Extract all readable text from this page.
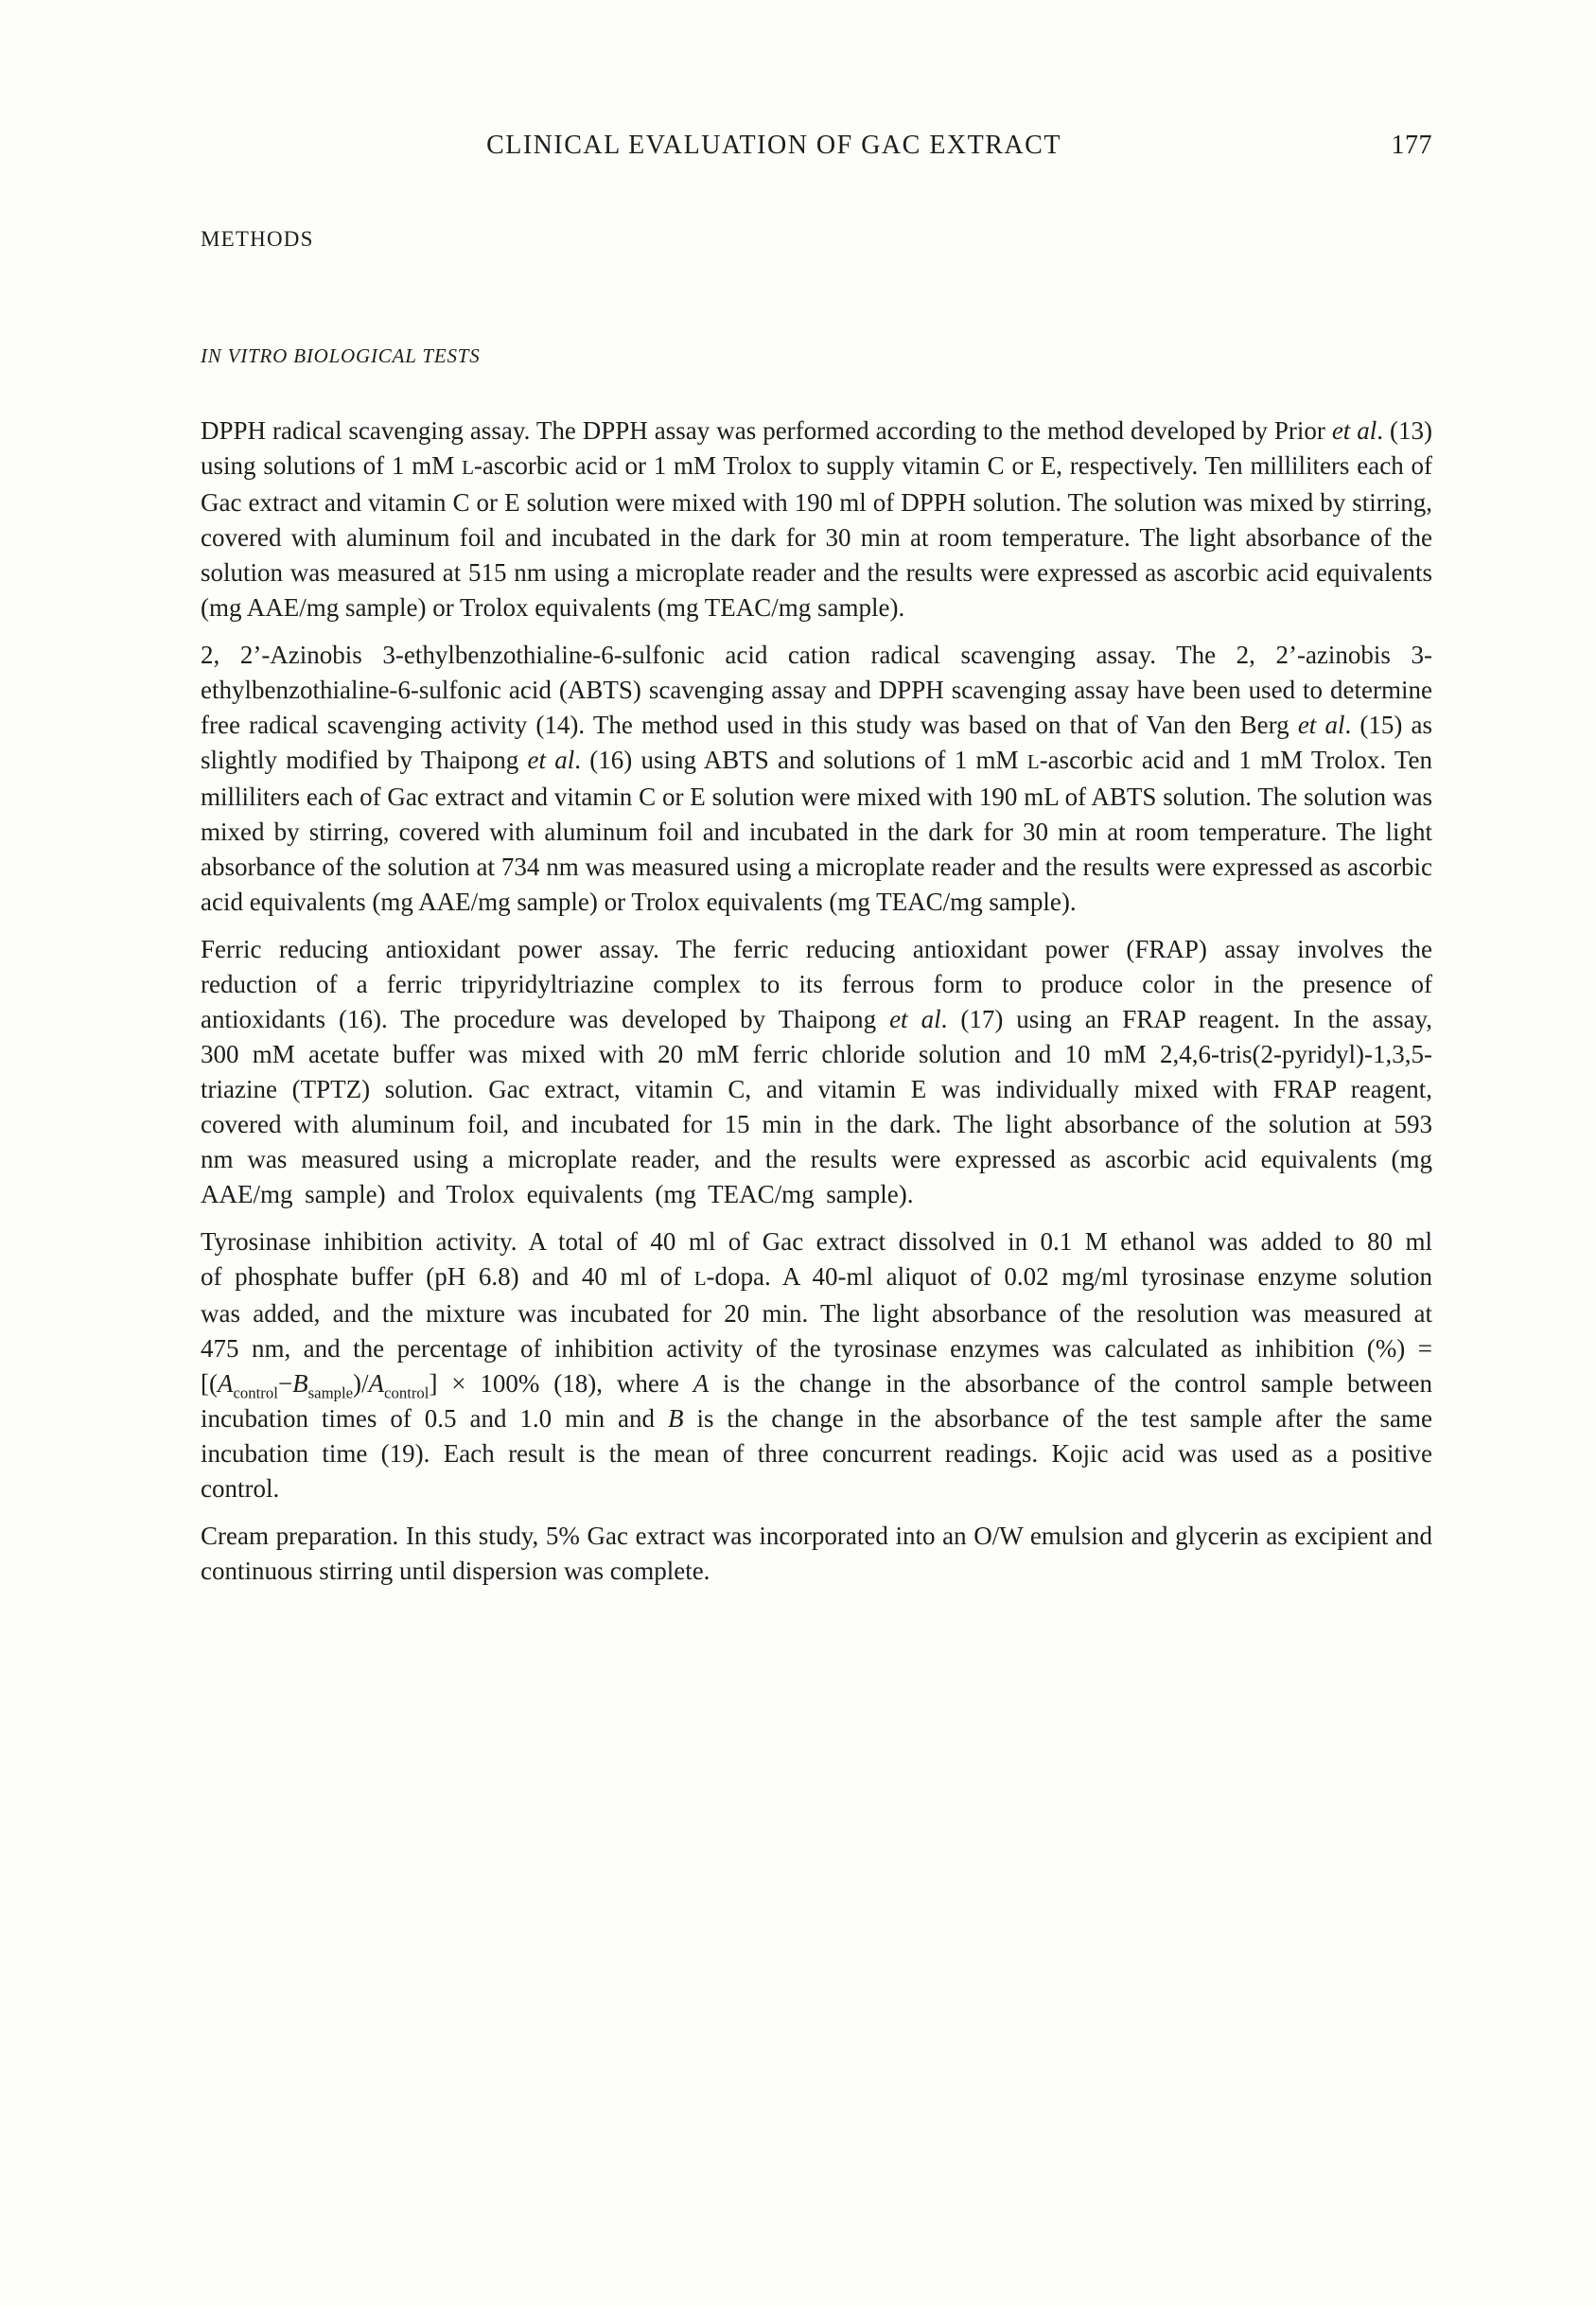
CLINICAL EVALUATION OF GAC EXTRACT	177
METHODS
IN VITRO BIOLOGICAL TESTS

DPPH radical scavenging assay. The DPPH assay was performed according to the method developed by Prior et al. (13) using solutions of 1 mM L-ascorbic acid or 1 mM Trolox to supply vitamin C or E, respectively. Ten milliliters each of Gac extract and vitamin C or E solution were mixed with 190 ml of DPPH solution. The solution was mixed by stirring, covered with aluminum foil and incubated in the dark for 30 min at room temperature. The light absorbance of the solution was measured at 515 nm using a microplate reader and the results were expressed as ascorbic acid equivalents (mg AAE/mg sample) or Trolox equivalents (mg TEAC/mg sample).

2, 2’-Azinobis 3-ethylbenzothialine-6-sulfonic acid cation radical scavenging assay. The 2, 2’-azinobis 3-ethylbenzothialine-6-sulfonic acid (ABTS) scavenging assay and DPPH scavenging assay have been used to determine free radical scavenging activity (14). The method used in this study was based on that of Van den Berg et al. (15) as slightly modified by Thaipong et al. (16) using ABTS and solutions of 1 mM L-ascorbic acid and 1 mM Trolox. Ten milliliters each of Gac extract and vitamin C or E solution were mixed with 190 mL of ABTS solution. The solution was mixed by stirring, covered with aluminum foil and incubated in the dark for 30 min at room temperature. The light absorbance of the solution at 734 nm was measured using a microplate reader and the results were expressed as ascorbic acid equivalents (mg AAE/mg sample) or Trolox equivalents (mg TEAC/mg sample).

Ferric reducing antioxidant power assay. The ferric reducing antioxidant power (FRAP) assay involves the reduction of a ferric tripyridyltriazine complex to its ferrous form to produce color in the presence of antioxidants (16). The procedure was developed by Thaipong et al. (17) using an FRAP reagent. In the assay, 300 mM acetate buffer was mixed with 20 mM ferric chloride solution and 10 mM 2,4,6-tris(2-pyridyl)-1,3,5-triazine (TPTZ) solution. Gac extract, vitamin C, and vitamin E was individually mixed with FRAP reagent, covered with aluminum foil, and incubated for 15 min in the dark. The light absorbance of the solution at 593 nm was measured using a microplate reader, and the results were expressed as ascorbic acid equivalents (mg AAE/mg sample) and Trolox equivalents (mg TEAC/mg sample).

Tyrosinase inhibition activity. A total of 40 ml of Gac extract dissolved in 0.1 M ethanol was added to 80 ml of phosphate buffer (pH 6.8) and 40 ml of L-dopa. A 40-ml aliquot of 0.02 mg/ml tyrosinase enzyme solution was added, and the mixture was incubated for 20 min. The light absorbance of the resolution was measured at 475 nm, and the percentage of inhibition activity of the tyrosinase enzymes was calculated as inhibition (%) = $[(A_{control}-B_{sample})/A_{control}] \times 100\%$ (18), where A is the change in the absorbance of the control sample between incubation times of 0.5 and 1.0 min and B is the change in the absorbance of the test sample after the same incubation time (19). Each result is the mean of three concurrent readings. Kojic acid was used as a positive control.

Cream preparation. In this study, 5% Gac extract was incorporated into an O/W emulsion and glycerin as excipient and continuous stirring until dispersion was complete.
